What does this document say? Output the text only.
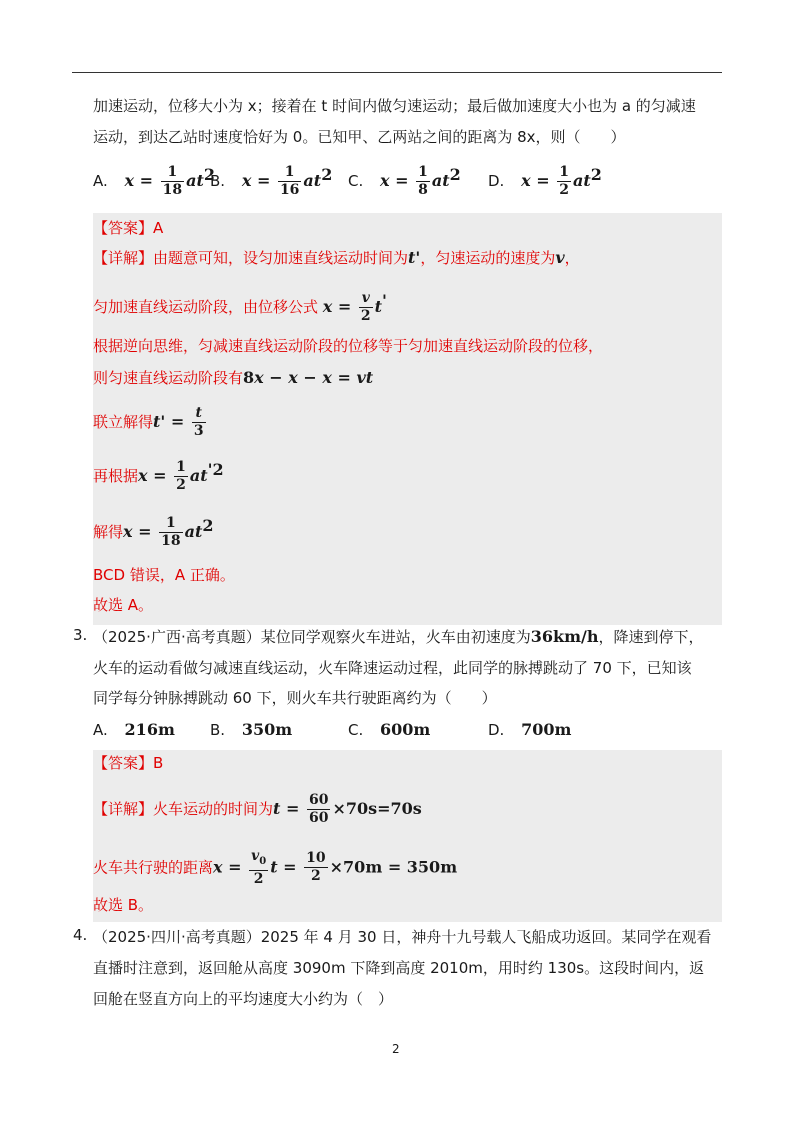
加速运动，位移大小为 x；接着在 t 时间内做匀速运动；最后做加速度大小也为 a 的匀减速
运动，到达乙站时速度恰好为 0。已知甲、乙两站之间的距离为 8x，则（　　）
A. $x = \frac{1}{18} at^2$
B. $x = \frac{1}{16} at^2$ C. $x = \frac{1}{8} at^2$ D. $x = \frac{1}{2} at^2$
【答案】A
【详解】由题意可知，设匀加速直线运动时间为t'，匀速运动的速度为v，
匀加速直线运动阶段，由位移公式 $x = \frac{v}{2} t'$
根据逆向思维，匀减速直线运动阶段的位移等于匀加速直线运动阶段的位移，
则匀速直线运动阶段有8x − x − x = vt
联立解得$t' = \frac{t}{3}$
再根据$x = \frac{1}{2} at^{'2}$
解得$x = \frac{1}{18} at^2$
BCD 错误，A 正确。
故选 A。
3. （2025·广西·高考真题）某位同学观察火车进站，火车由初速度为36km/h，降速到停下，
火车的运动看做匀减速直线运动，火车降速运动过程，此同学的脉搏跳动了 70 下，已知该
同学每分钟脉搏跳动 60 下，则火车共行驶距离约为（　　）
A. 216m B. 350m	C. 600m	D. 700m
【答案】B
【详解】火车运动的时间为$t = \frac{60}{60} \times 70s=70s$
火车共行驶的距离$x = \frac{v_0}{2}$ $t = \frac{10}{2} \times 70m = 350m$
故选 B。
4. （2025·四川·高考真题）2025 年 4 月 30 日，神舟十九号载人飞船成功返回。某同学在观看
直播时注意到，返回舱从高度 3090m 下降到高度 2010m，用时约 130s。这段时间内，返
回舱在竖直方向上的平均速度大小约为（　）
2
